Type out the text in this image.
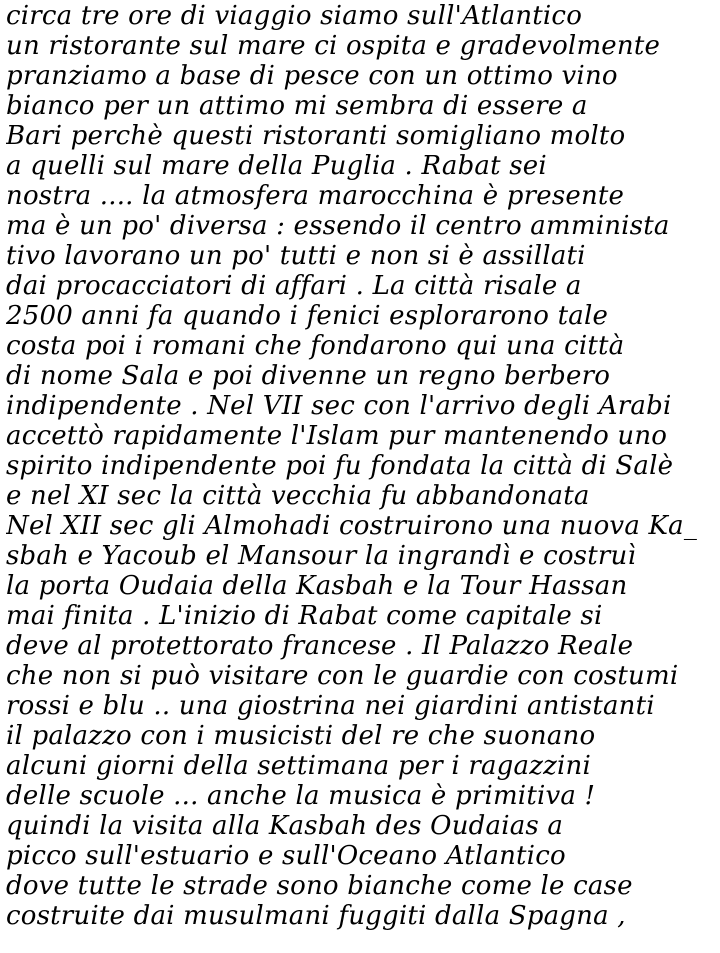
circa tre ore di viaggio siamo sull'Atlantico
un ristorante sul mare ci ospita e gradevolmente
pranziamo a base di pesce con un ottimo vino
bianco per un attimo mi sembra di essere a
Bari perchè questi ristoranti somigliano molto
a quelli sul mare della Puglia . Rabat sei
nostra .... la atmosfera marocchina è presente
ma è un po' diversa : essendo il centro amminista
tivo lavorano un po' tutti e non si è assillati
dai procacciatori di affari . La città risale a
2500 anni fa quando i fenici esplorarono tale
costa poi i romani che fondarono qui una città
di nome Sala e poi divenne un regno berbero
indipendente . Nel VII sec con l'arrivo degli Arabi
accettò rapidamente l'Islam pur mantenendo uno
spirito indipendente poi fu fondata la città di Salè
e nel XI sec la città vecchia fu abbandonata
Nel XII sec gli Almohadi costruirono una nuova Ka_
sbah e Yacoub el Mansour la ingrandì e costruì
la porta Oudaia della Kasbah e la Tour Hassan
mai finita . L'inizio di Rabat come capitale si
deve al protettorato francese . Il Palazzo Reale
che non si può visitare con le guardie con costumi
rossi e blu .. una giostrina nei giardini antistanti
il palazzo con i musicisti del re che suonano
alcuni giorni della settimana per i ragazzini
delle scuole ... anche la musica è primitiva !
quindi la visita alla Kasbah des Oudaias a
picco sull'estuario e sull'Oceano Atlantico
dove tutte le strade sono bianche come le case
costruite dai musulmani fuggiti dalla Spagna ,
